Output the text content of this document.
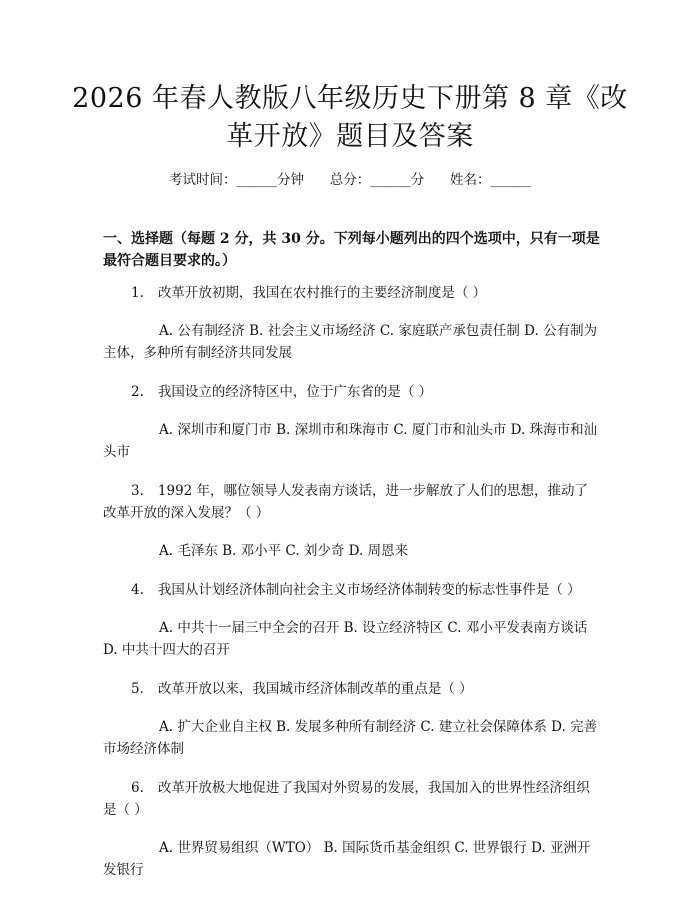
2026 年春人教版八年级历史下册第 8 章《改革开放》题目及答案
考试时间：______分钟      总分：______分      姓名：______
一、选择题（每题 2 分，共 30 分。下列每小题列出的四个选项中，只有一项是最符合题目要求的。）

1. 改革开放初期，我国在农村推行的主要经济制度是（ ）

A. 公有制经济 B. 社会主义市场经济 C. 家庭联产承包责任制 D. 公有制为主体，多种所有制经济共同发展

2. 我国设立的经济特区中，位于广东省的是（ ）

A. 深圳市和厦门市 B. 深圳市和珠海市 C. 厦门市和汕头市 D. 珠海市和汕头市

3. 1992 年，哪位领导人发表南方谈话，进一步解放了人们的思想，推动了改革开放的深入发展？（ ）

A. 毛泽东 B. 邓小平 C. 刘少奇 D. 周恩来

4. 我国从计划经济体制向社会主义市场经济体制转变的标志性事件是（ ）

A. 中共十一届三中全会的召开 B. 设立经济特区 C. 邓小平发表南方谈话 D. 中共十四大的召开

5. 改革开放以来，我国城市经济体制改革的重点是（ ）

A. 扩大企业自主权 B. 发展多种所有制经济 C. 建立社会保障体系 D. 完善市场经济体制

6. 改革开放极大地促进了我国对外贸易的发展，我国加入的世界性经济组织是（ ）

A. 世界贸易组织（WTO） B. 国际货币基金组织 C. 世界银行 D. 亚洲开发银行
